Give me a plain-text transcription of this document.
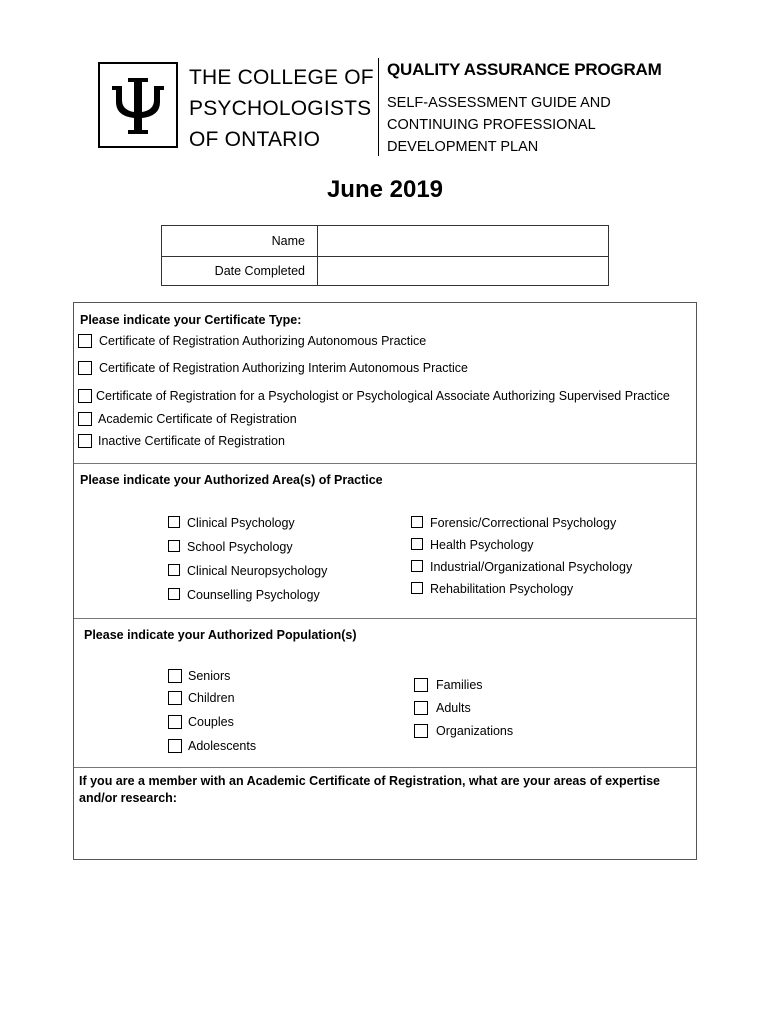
THE COLLEGE OF
PSYCHOLOGISTS
OF ONTARIO
QUALITY ASSURANCE PROGRAM
SELF-ASSESSMENT GUIDE AND
CONTINUING PROFESSIONAL
DEVELOPMENT PLAN
June 2019
Name
Date Completed
Please indicate your Certificate Type:
Certificate of Registration Authorizing Autonomous Practice
Certificate of Registration Authorizing Interim Autonomous Practice
Certificate of Registration for a Psychologist or Psychological Associate Authorizing Supervised Practice
Academic Certificate of Registration
Inactive Certificate of Registration
Please indicate your Authorized Area(s) of Practice
Clinical Psychology
School Psychology
Clinical Neuropsychology
Counselling Psychology
Forensic/Correctional Psychology
Health Psychology
Industrial/Organizational Psychology
Rehabilitation Psychology
Please indicate your Authorized Population(s)
Seniors
Children
Couples
Adolescents
Families
Adults
Organizations
If you are a member with an Academic Certificate of Registration, what are your areas of expertise and/or research:
